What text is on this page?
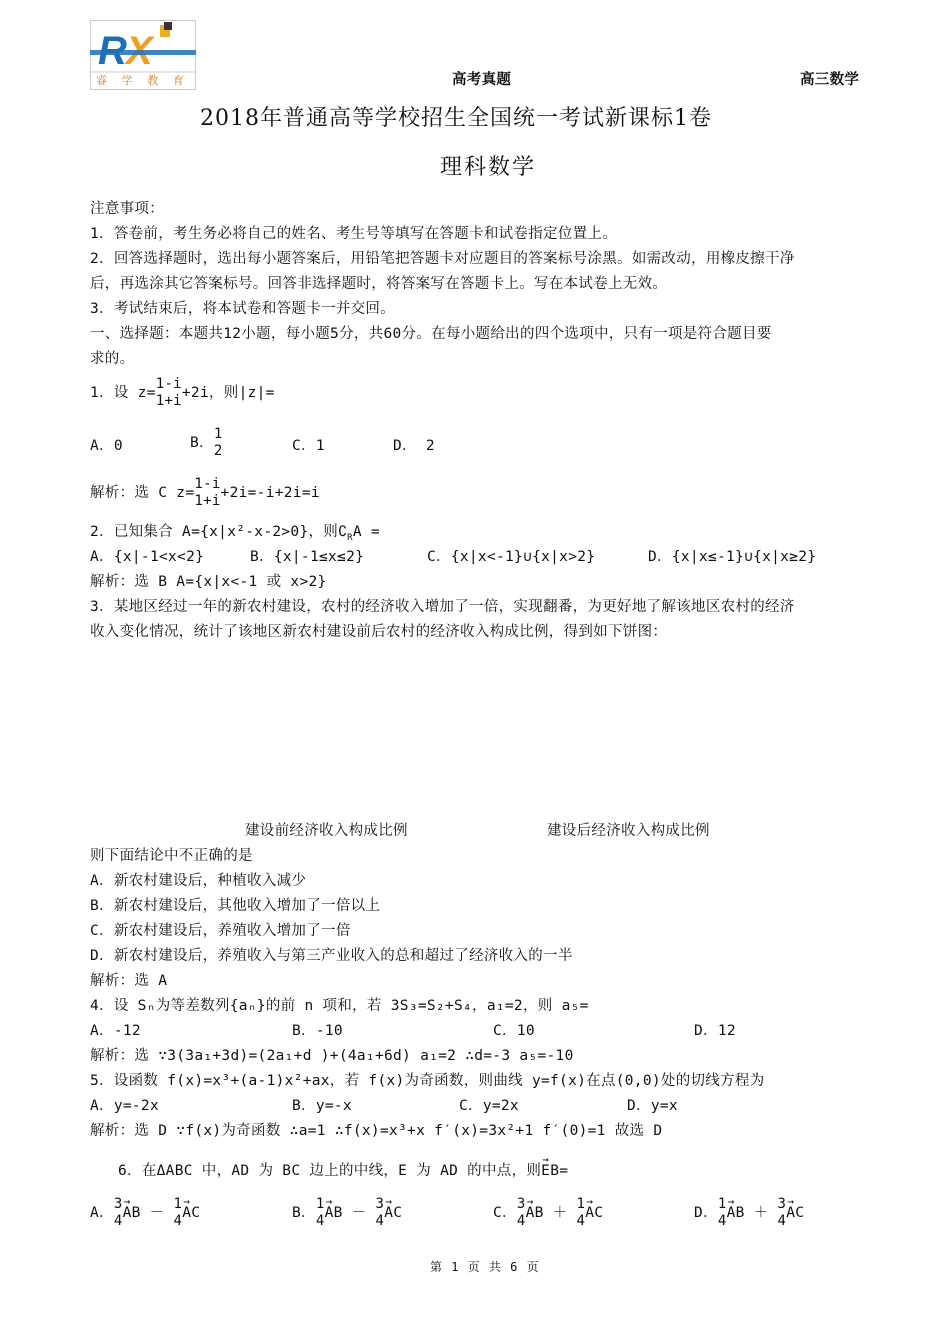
睿 学 教 育	高考真题	高三数学
2018年普通高等学校招生全国统一考试新课标1卷
理科数学
注意事项：
1．答卷前，考生务必将自己的姓名、考生号等填写在答题卡和试卷指定位置上。
2．回答选择题时，选出每小题答案后，用铅笔把答题卡对应题目的答案标号涂黑。如需改动，用橡皮擦干净
后，再选涂其它答案标号。回答非选择题时，将答案写在答题卡上。写在本试卷上无效。
3．考试结束后，将本试卷和答题卡一并交回。
一、选择题：本题共12小题，每小题5分，共60分。在每小题给出的四个选项中，只有一项是符合题目要
求的。
1．设 z=
1-i
1+i +2i，则|z|=
A．0	B．
1
2	C．1	D． 2
解析：选 C z=
1-i
1+i +2i=-i+2i=i
2．已知集合 A={x|x²-x-2>0}，则$∁_RA$ =
A．{x|-1<x<2}	B．{x|-1≤x≤2}	C．{x|x<-1}∪{x|x>2}	D．{x|x≤-1}∪{x|x≥2}
解析：选 B A={x|x<-1 或 x>2}
3．某地区经过一年的新农村建设，农村的经济收入增加了一倍，实现翻番，为更好地了解该地区农村的经济
收入变化情况，统计了该地区新农村建设前后农村的经济收入构成比例，得到如下饼图：
建设前经济收入构成比例	建设后经济收入构成比例
则下面结论中不正确的是
A．新农村建设后，种植收入减少
B．新农村建设后，其他收入增加了一倍以上
C．新农村建设后，养殖收入增加了一倍
D．新农村建设后，养殖收入与第三产业收入的总和超过了经济收入的一半
解析：选 A
4．设 Sₙ为等差数列{aₙ}的前 n 项和，若 3S₃=S₂+S₄，a₁=2，则 a₅=
A．-12	B．-10	C．10	D．12
解析：选 ∵3(3a₁+3d)=(2a₁+d )+(4a₁+6d) a₁=2 ∴d=-3 a₅=-10
5．设函数 f(x)=x³+(a-1)x²+ax，若 f(x)为奇函数，则曲线 y=f(x)在点(0,0)处的切线方程为
A．y=-2x	B．y=-x	C．y=2x	D．y=x
解析：选 D ∵f(x)为奇函数 ∴a=1 ∴f(x)=x³+x f′(x)=3x²+1 f′(0)=1 故选 D
6．在ΔABC 中，AD 为 BC 边上的中线，E 为 AD 的中点，则→ EB=
A．
3
4 → AB －
1
4 → AC	B．
1
4 → AB －
3
4 → AC	C．
3
4 → AB ＋
1
4 → AC	D．
1
4 → AB ＋
3
4 → AC
第 1 页 共 6 页
